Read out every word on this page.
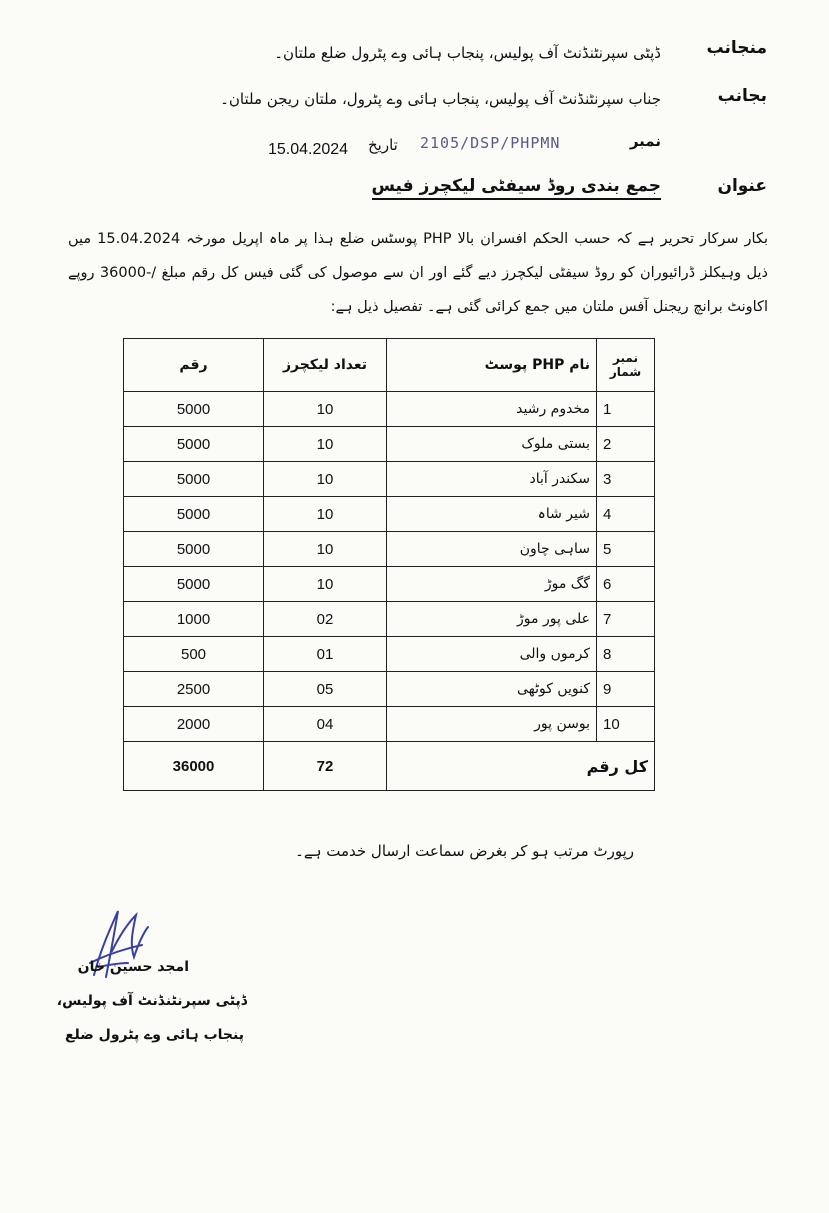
منجانب
ڈپٹی سپرنٹنڈنٹ آف پولیس، پنجاب ہائی وے پٹرول ضلع ملتان۔
بجانب
جناب سپرنٹنڈنٹ آف پولیس، پنجاب ہائی وے پٹرول، ملتان ریجن ملتان۔
نمبر
2105/DSP/PHPMN
تاریخ
15.04.2024
عنوان
جمع بندی روڈ سیفٹی لیکچرز فیس
بکار سرکار تحریر ہے کہ حسب الحکم افسران بالا PHP پوسٹس ضلع ہذا پر ماہ اپریل مورخہ 15.04.2024 میں ذیل وہیکلز ڈرائیوران کو روڈ سیفٹی لیکچرز دیے گئے اور ان سے موصول کی گئی فیس کل رقم مبلغ /-36000 روپے اکاونٹ برانچ ریجنل آفس ملتان میں جمع کرائی گئی ہے۔ تفصیل ذیل ہے:
رقم	تعداد لیکچرز	نام PHP پوسٹ	نمبر شمار
5000	10	مخدوم رشید	1
5000	10	بستی ملوک	2
5000	10	سکندر آباد	3
5000	10	شیر شاہ	4
5000	10	ساہی چاون	5
5000	10	گگ موڑ	6
1000	02	علی پور موڑ	7
500	01	کرموں والی	8
2500	05	کنویں کوٹھی	9
2000	04	بوسن پور	10
36000	72	کل رقم	
رپورٹ مرتب ہو کر بغرض سماعت ارسال خدمت ہے۔
امجد حسین خان
ڈپٹی سپرنٹنڈنٹ آف پولیس،
پنجاب ہائی وے پٹرول ضلع
